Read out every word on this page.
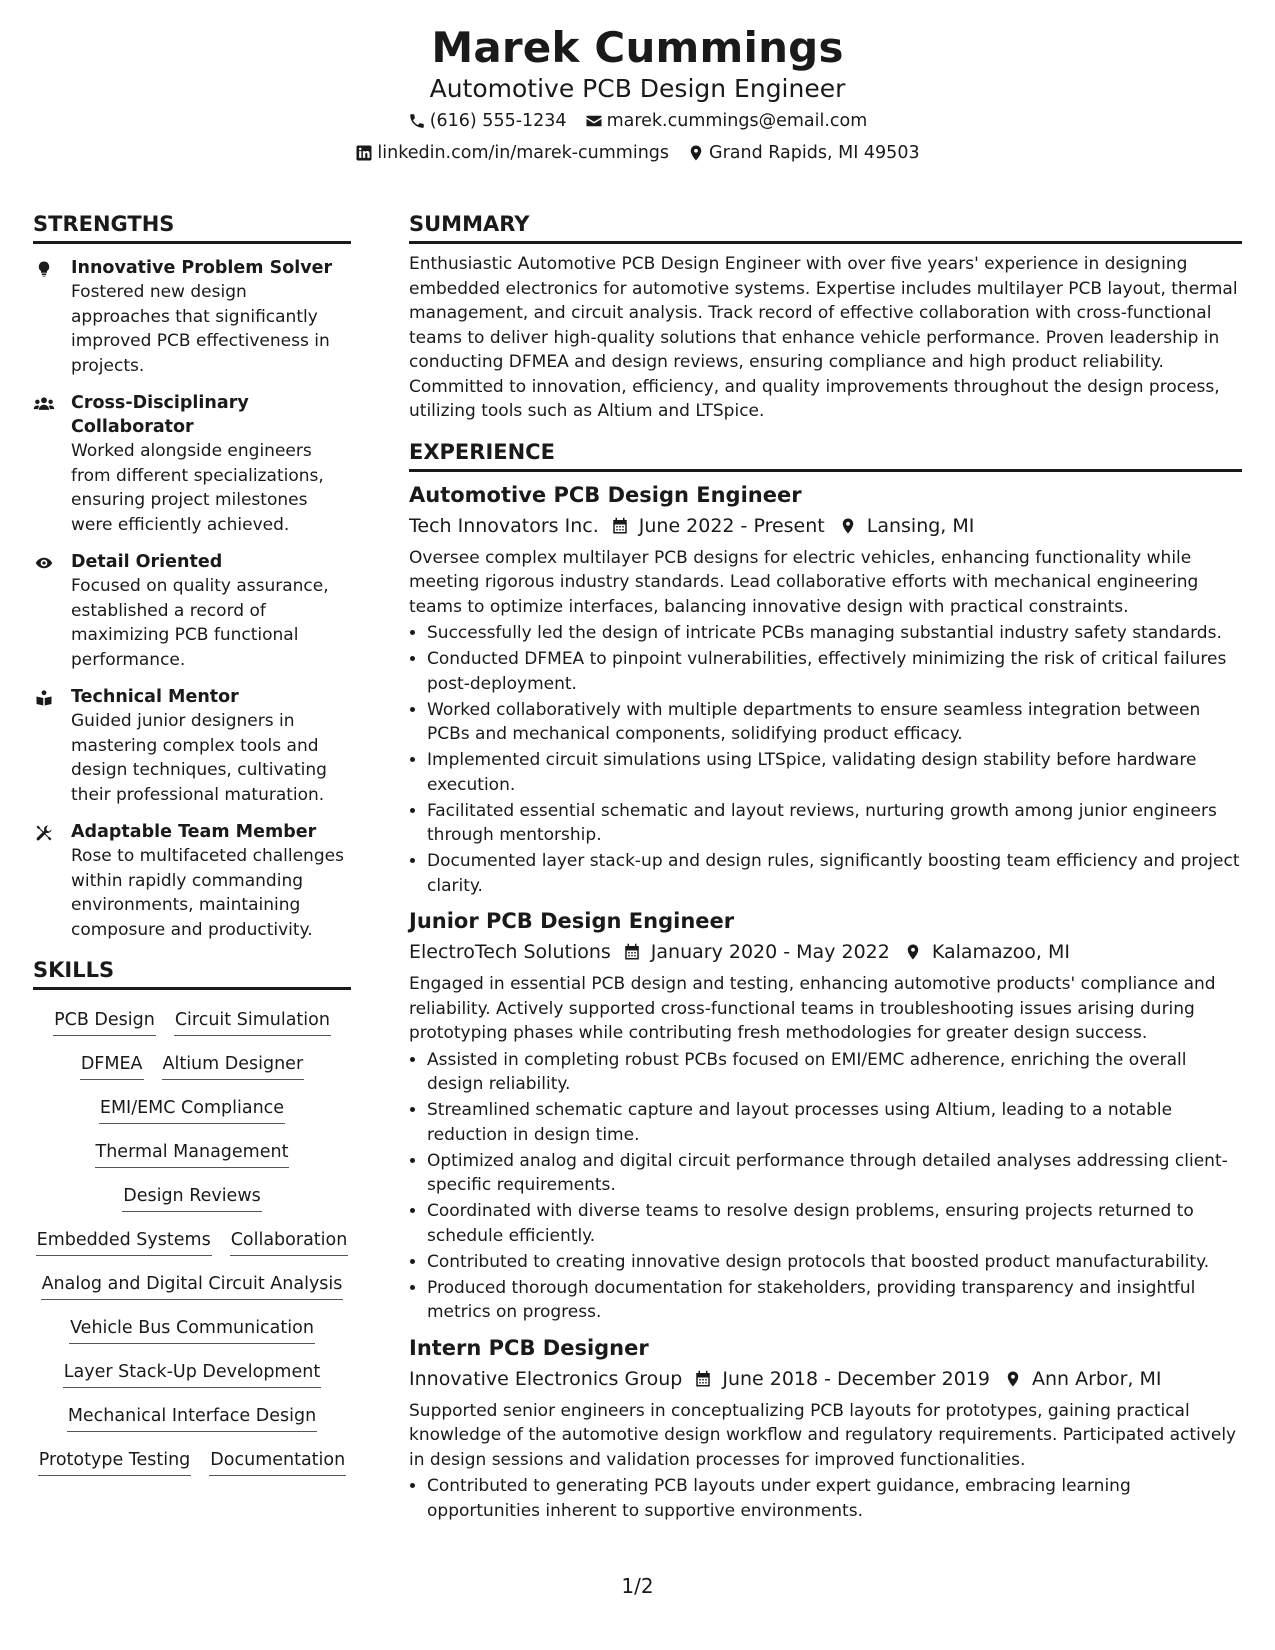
Marek Cummings
Automotive PCB Design Engineer
(616) 555-1234 marek.cummings@email.com
linkedin.com/in/marek-cummings Grand Rapids, MI 49503
STRENGTHS
Innovative Problem Solver
Fostered new design approaches that significantly improved PCB effectiveness in projects.
Cross-Disciplinary Collaborator
Worked alongside engineers from different specializations, ensuring project milestones were efficiently achieved.
Detail Oriented
Focused on quality assurance, established a record of maximizing PCB functional performance.
Technical Mentor
Guided junior designers in mastering complex tools and design techniques, cultivating their professional maturation.
Adaptable Team Member
Rose to multifaceted challenges within rapidly commanding environments, maintaining composure and productivity.
SKILLS
PCB Design Circuit Simulation
DFMEA Altium Designer
EMI/EMC Compliance
Thermal Management
Design Reviews
Embedded Systems Collaboration
Analog and Digital Circuit Analysis
Vehicle Bus Communication
Layer Stack-Up Development
Mechanical Interface Design
Prototype Testing Documentation
SUMMARY

Enthusiastic Automotive PCB Design Engineer with over five years' experience in designing embedded electronics for automotive systems. Expertise includes multilayer PCB layout, thermal management, and circuit analysis. Track record of effective collaboration with cross-functional teams to deliver high-quality solutions that enhance vehicle performance. Proven leadership in conducting DFMEA and design reviews, ensuring compliance and high product reliability. Committed to innovation, efficiency, and quality improvements throughout the design process, utilizing tools such as Altium and LTSpice.

EXPERIENCE
Automotive PCB Design Engineer
Tech Innovators Inc. June 2022 - Present Lansing, MI
Oversee complex multilayer PCB designs for electric vehicles, enhancing functionality while meeting rigorous industry standards. Lead collaborative efforts with mechanical engineering teams to optimize interfaces, balancing innovative design with practical constraints.
• Successfully led the design of intricate PCBs managing substantial industry safety standards.
• Conducted DFMEA to pinpoint vulnerabilities, effectively minimizing the risk of critical failures post-deployment.
• Worked collaboratively with multiple departments to ensure seamless integration between PCBs and mechanical components, solidifying product efficacy.
• Implemented circuit simulations using LTSpice, validating design stability before hardware execution.
• Facilitated essential schematic and layout reviews, nurturing growth among junior engineers through mentorship.
• Documented layer stack-up and design rules, significantly boosting team efficiency and project clarity.
Junior PCB Design Engineer
ElectroTech Solutions January 2020 - May 2022 Kalamazoo, MI
Engaged in essential PCB design and testing, enhancing automotive products' compliance and reliability. Actively supported cross-functional teams in troubleshooting issues arising during prototyping phases while contributing fresh methodologies for greater design success.
• Assisted in completing robust PCBs focused on EMI/EMC adherence, enriching the overall design reliability.
• Streamlined schematic capture and layout processes using Altium, leading to a notable reduction in design time.
• Optimized analog and digital circuit performance through detailed analyses addressing client-specific requirements.
• Coordinated with diverse teams to resolve design problems, ensuring projects returned to schedule efficiently.
• Contributed to creating innovative design protocols that boosted product manufacturability.
• Produced thorough documentation for stakeholders, providing transparency and insightful metrics on progress.
Intern PCB Designer
Innovative Electronics Group June 2018 - December 2019 Ann Arbor, MI
Supported senior engineers in conceptualizing PCB layouts for prototypes, gaining practical knowledge of the automotive design workflow and regulatory requirements. Participated actively in design sessions and validation processes for improved functionalities.
• Contributed to generating PCB layouts under expert guidance, embracing learning opportunities inherent to supportive environments.
1/2
